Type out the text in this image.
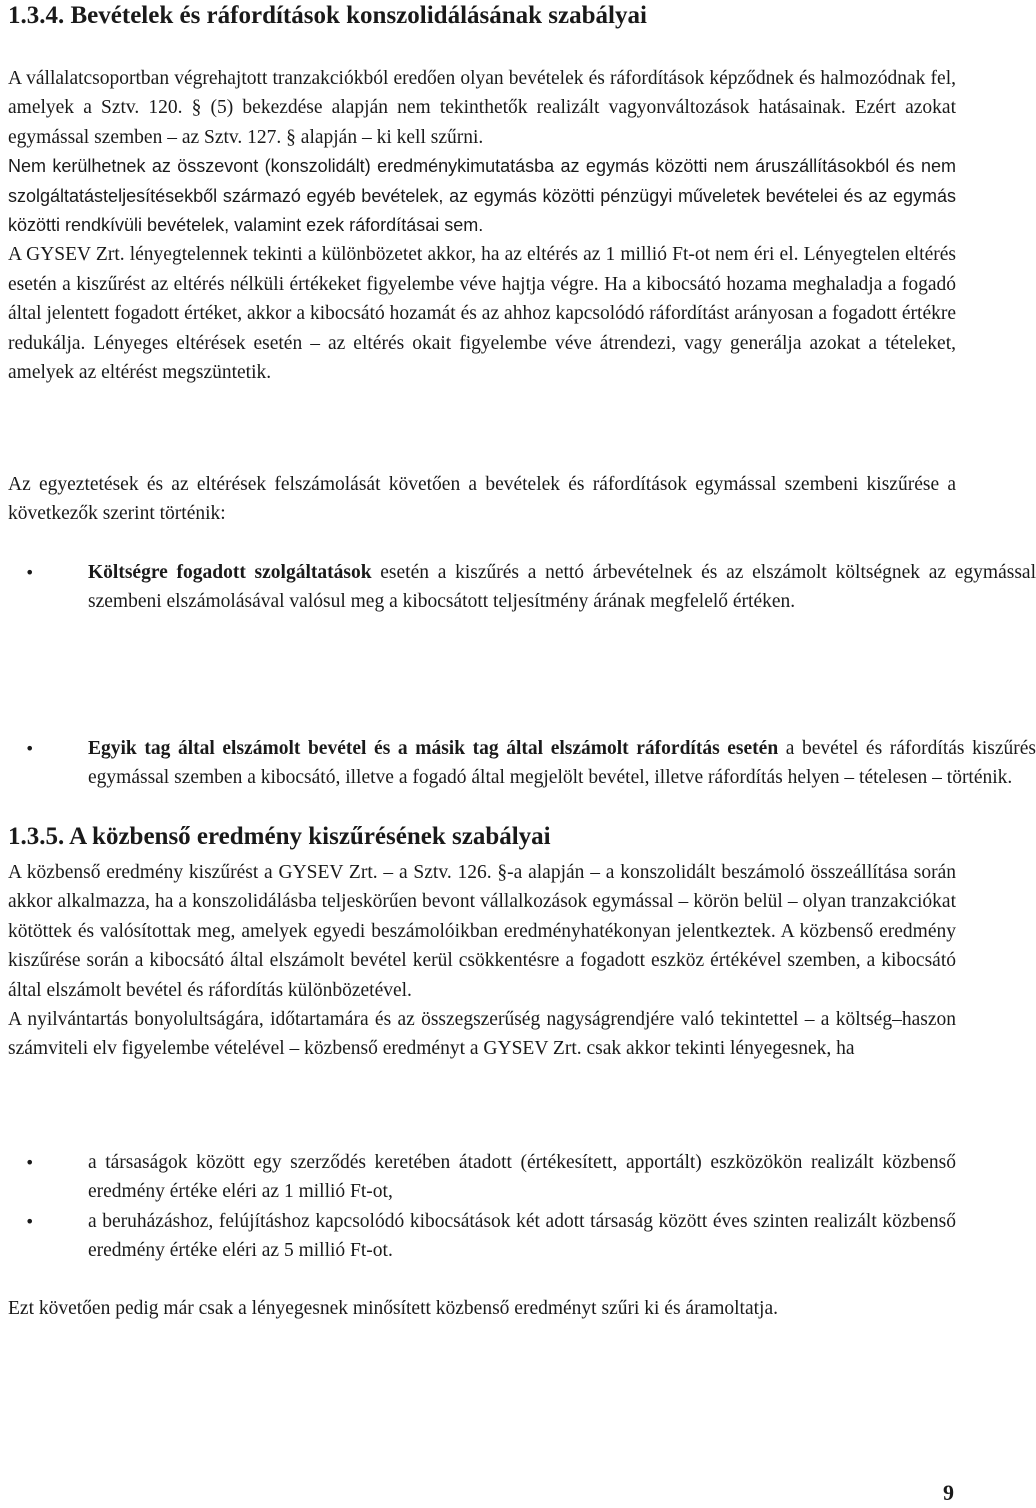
1.3.4. Bevételek és ráfordítások konszolidálásának szabályai

A vállalatcsoportban végrehajtott tranzakciókból eredően olyan bevételek és ráfordítások képződnek és halmozódnak fel, amelyek a Sztv. 120. § (5) bekezdése alapján nem tekinthetők realizált vagyonváltozások hatásainak. Ezért azokat egymással szemben – az Sztv. 127. § alapján – ki kell szűrni.

Nem kerülhetnek az összevont (konszolidált) eredménykimutatásba az egymás közötti nem áruszállításokból és nem szolgáltatásteljesítésekből származó egyéb bevételek, az egymás közötti pénzügyi műveletek bevételei és az egymás közötti rendkívüli bevételek, valamint ezek ráfordításai sem.

A GYSEV Zrt. lényegtelennek tekinti a különbözetet akkor, ha az eltérés az 1 millió Ft-ot nem éri el. Lényegtelen eltérés esetén a kiszűrést az eltérés nélküli értékeket figyelembe véve hajtja végre. Ha a kibocsátó hozama meghaladja a fogadó által jelentett fogadott értéket, akkor a kibocsátó hozamát és az ahhoz kapcsolódó ráfordítást arányosan a fogadott értékre redukálja. Lényeges eltérések esetén – az eltérés okait figyelembe véve átrendezi, vagy generálja azokat a tételeket, amelyek az eltérést megszüntetik.

Az egyeztetések és az eltérések felszámolását követően a bevételek és ráfordítások egymással szembeni kiszűrése a következők szerint történik:

•	Költségre fogadott szolgáltatások esetén a kiszűrés a nettó árbevételnek és az elszámolt költségnek az egymással szembeni elszámolásával valósul meg a kibocsátott teljesítmény árának megfelelő értéken.

•	Egyik tag által elszámolt bevétel és a másik tag által elszámolt ráfordítás esetén a bevétel és ráfordítás kiszűrés egymással szemben a kibocsátó, illetve a fogadó által megjelölt bevétel, illetve ráfordítás helyen – tételesen – történik.

1.3.5. A közbenső eredmény kiszűrésének szabályai

A közbenső eredmény kiszűrést a GYSEV Zrt. – a Sztv. 126. §-a alapján – a konszolidált beszámoló összeállítása során akkor alkalmazza, ha a konszolidálásba teljeskörűen bevont vállalkozások egymással – körön belül – olyan tranzakciókat kötöttek és valósítottak meg, amelyek egyedi beszámolóikban eredményhatékonyan jelentkeztek. A közbenső eredmény kiszűrése során a kibocsátó által elszámolt bevétel kerül csökkentésre a fogadott eszköz értékével szemben, a kibocsátó által elszámolt bevétel és ráfordítás különbözetével.

A nyilvántartás bonyolultságára, időtartamára és az összegszerűség nagyságrendjére való tekintettel – a költség–haszon számviteli elv figyelembe vételével – közbenső eredményt a GYSEV Zrt. csak akkor tekinti lényegesnek, ha

•	a társaságok között egy szerződés keretében átadott (értékesített, apportált) eszközökön realizált közbenső eredmény értéke eléri az 1 millió Ft-ot,

•	a beruházáshoz, felújításhoz kapcsolódó kibocsátások két adott társaság között éves szinten realizált közbenső eredmény értéke eléri az 5 millió Ft-ot.

Ezt követően pedig már csak a lényegesnek minősített közbenső eredményt szűri ki és áramoltatja.

9
